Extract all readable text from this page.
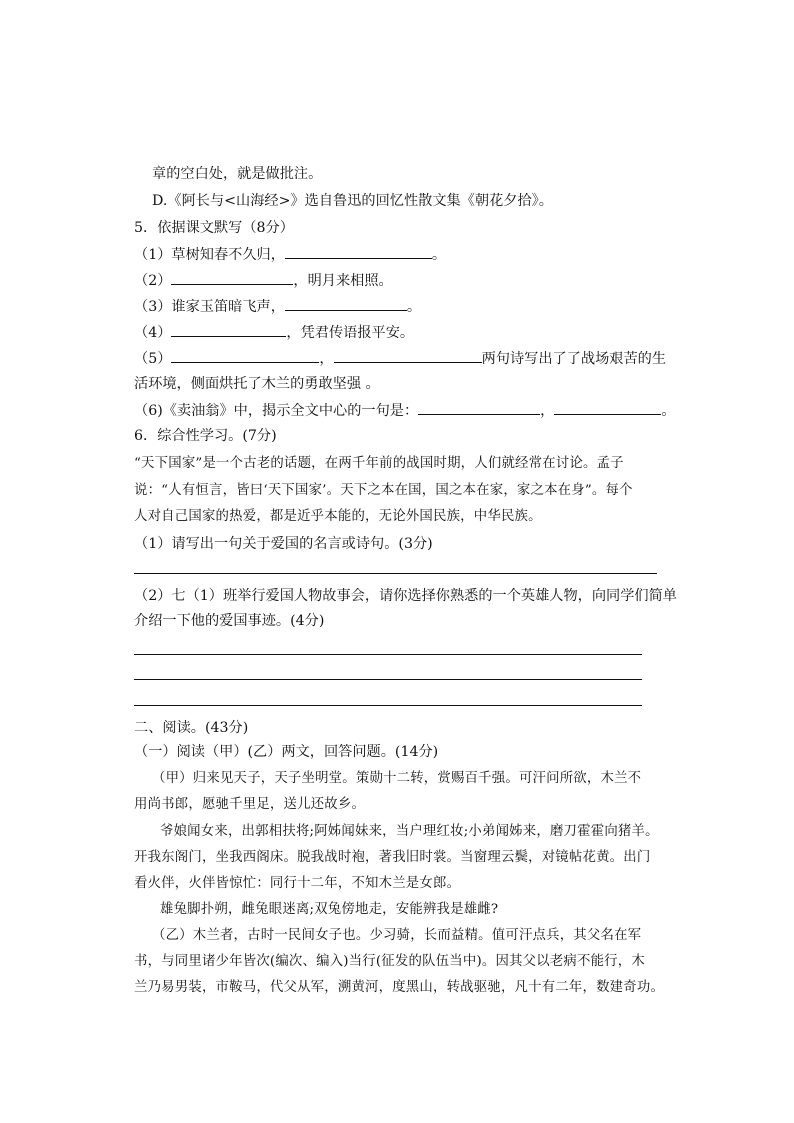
章的空白处，就是做批注。
D.《阿长与<山海经>》选自鲁迅的回忆性散文集《朝花夕拾》。
5．依据课文默写（8分）
（1）草树知春不久归，	。
（2）	，明月来相照。
（3）谁家玉笛暗飞声，	。
（4）	，凭君传语报平安。
（5）	，	两句诗写出了了战场艰苦的生
活环境，侧面烘托了木兰的勇敢坚强 。
（6)《卖油翁》中，揭示全文中心的一句是：	，	。
6．综合性学习。(7分)
“天下国家”是一个古老的话题，在两千年前的战国时期，人们就经常在讨论。孟子
说：“人有恒言，皆曰‘天下国家’。天下之本在国，国之本在家，家之本在身”。每个
人对自己国家的热爱，都是近乎本能的，无论外国民族，中华民族。
（1）请写出一句关于爱国的名言或诗句。(3分)
（2）七（1）班举行爱国人物故事会，请你选择你熟悉的一个英雄人物，向同学们简单
介绍一下他的爱国事迹。(4分)
二、阅读。(43分)
（一）阅读（甲）(乙）两文，回答问题。(14分)
（甲）归来见天子，天子坐明堂。策勋十二转，赏赐百千强。可汗问所欲，木兰不
用尚书郎，愿驰千里足，送儿还故乡。
爷娘闻女来，出郭相扶将;阿姊闻妹来，当户理红妆;小弟闻姊来，磨刀霍霍向猪羊。
开我东阁门，坐我西阁床。脱我战时袍，著我旧时裳。当窗理云鬓，对镜帖花黄。出门
看火伴，火伴皆惊忙：同行十二年，不知木兰是女郎。
雄兔脚扑朔，雌兔眼迷离;双兔傍地走，安能辨我是雄雌?
（乙）木兰者，古时一民间女子也。少习骑，长而益精。值可汗点兵，其父名在军
书，与同里诸少年皆次(编次、编入)当行(征发的队伍当中)。因其父以老病不能行，木
兰乃易男装，市鞍马，代父从军，溯黄河，度黑山，转战驱驰，凡十有二年，数建奇功。
